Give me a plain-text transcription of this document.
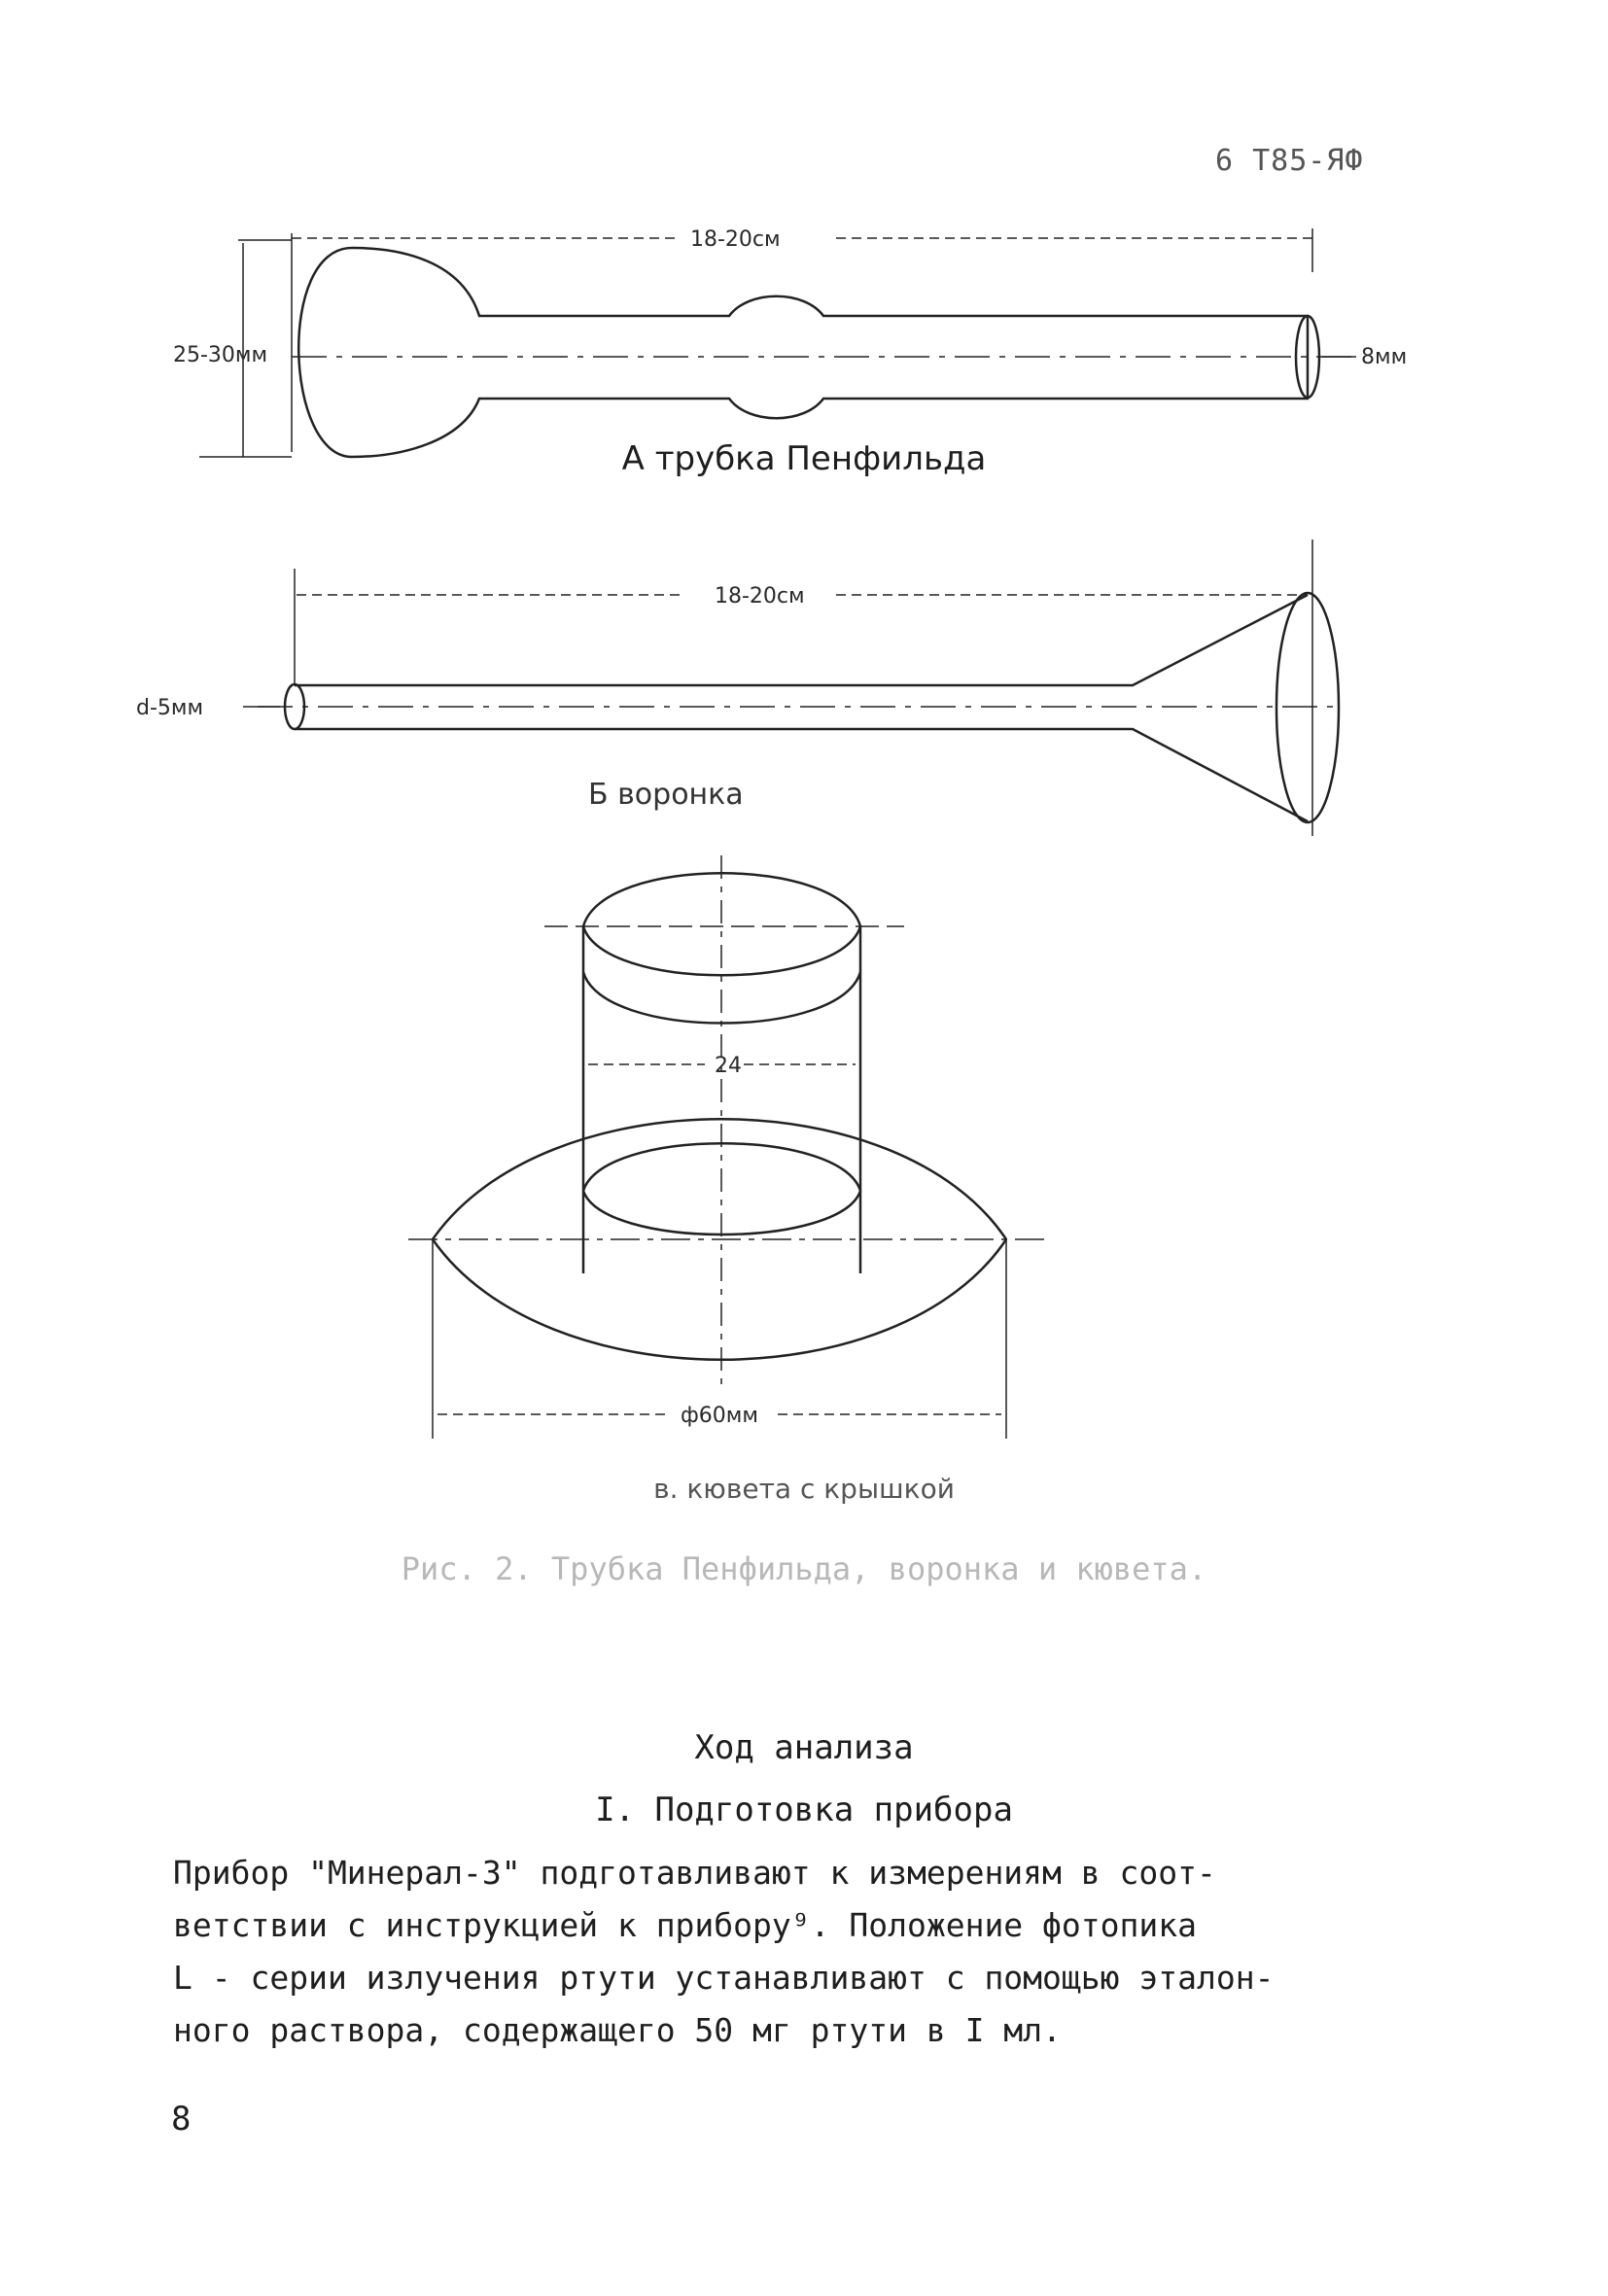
6 T85-ЯФ
18-20см
25-30мм	8мм
18-20см
d-5мм
24
ф60мм
А трубка Пенфильда
Б воронка
в. кювета с крышкой
Рис. 2. Трубка Пенфильда, воронка и кювета.
Ход анализа
I. Подготовка прибора
Прибор "Минерал-3" подготавливают к измерениям в соот-
ветствии с инструкцией к прибору⁹. Положение фотопика
L - серии излучения ртути устанавливают с помощью эталон-
ного раствора, содержащего 50 мг ртути в I мл.
8
